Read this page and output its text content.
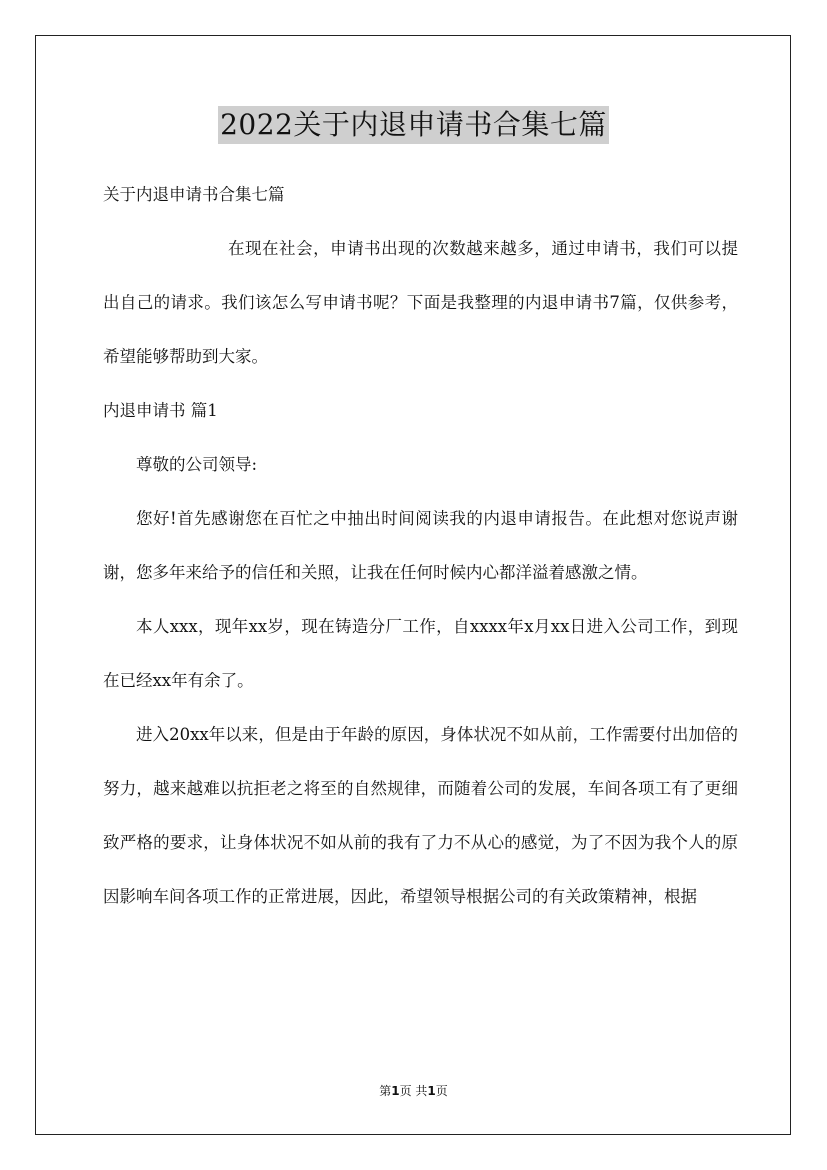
2022关于内退申请书合集七篇

关于内退申请书合集七篇

在现在社会，申请书出现的次数越来越多，通过申请书，我们可以提出自己的请求。我们该怎么写申请书呢？下面是我整理的内退申请书7篇，仅供参考，希望能够帮助到大家。

内退申请书 篇1

尊敬的公司领导:

您好!首先感谢您在百忙之中抽出时间阅读我的内退申请报告。在此想对您说声谢谢，您多年来给予的信任和关照，让我在任何时候内心都洋溢着感激之情。

本人xxx，现年xx岁，现在铸造分厂工作，自xxxx年x月xx日进入公司工作，到现在已经xx年有余了。

进入20xx年以来，但是由于年龄的原因，身体状况不如从前，工作需要付出加倍的努力，越来越难以抗拒老之将至的自然规律，而随着公司的发展，车间各项工有了更细致严格的要求，让身体状况不如从前的我有了力不从心的感觉，为了不因为我个人的原因影响车间各项工作的正常进展，因此，希望领导根据公司的有关政策精神，根据

第1页 共1页
